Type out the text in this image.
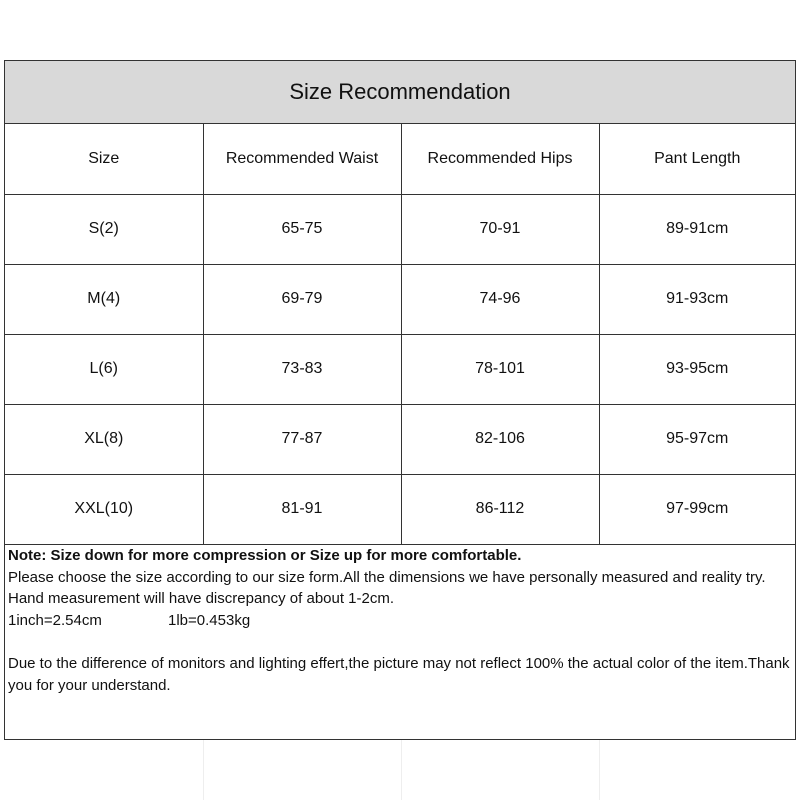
Size Recommendation
Size	Recommended Waist	Recommended Hips	Pant Length
S(2)	65-75	70-91	89-91cm
M(4)	69-79	74-96	91-93cm
L(6)	73-83	78-101	93-95cm
XL(8)	77-87	82-106	95-97cm
XXL(10)	81-91	86-112	97-99cm

Note: Size down for more compression or Size up for more comfortable.

Please choose the size according to our size form.All the dimensions we have personally measured and reality try.

Hand measurement will have discrepancy of about 1-2cm.

1inch=2.54cm	1lb=0.453kg

Due to the difference of monitors and lighting effert,the picture may not reflect 100% the actual color of the item.Thank you for your understand.
